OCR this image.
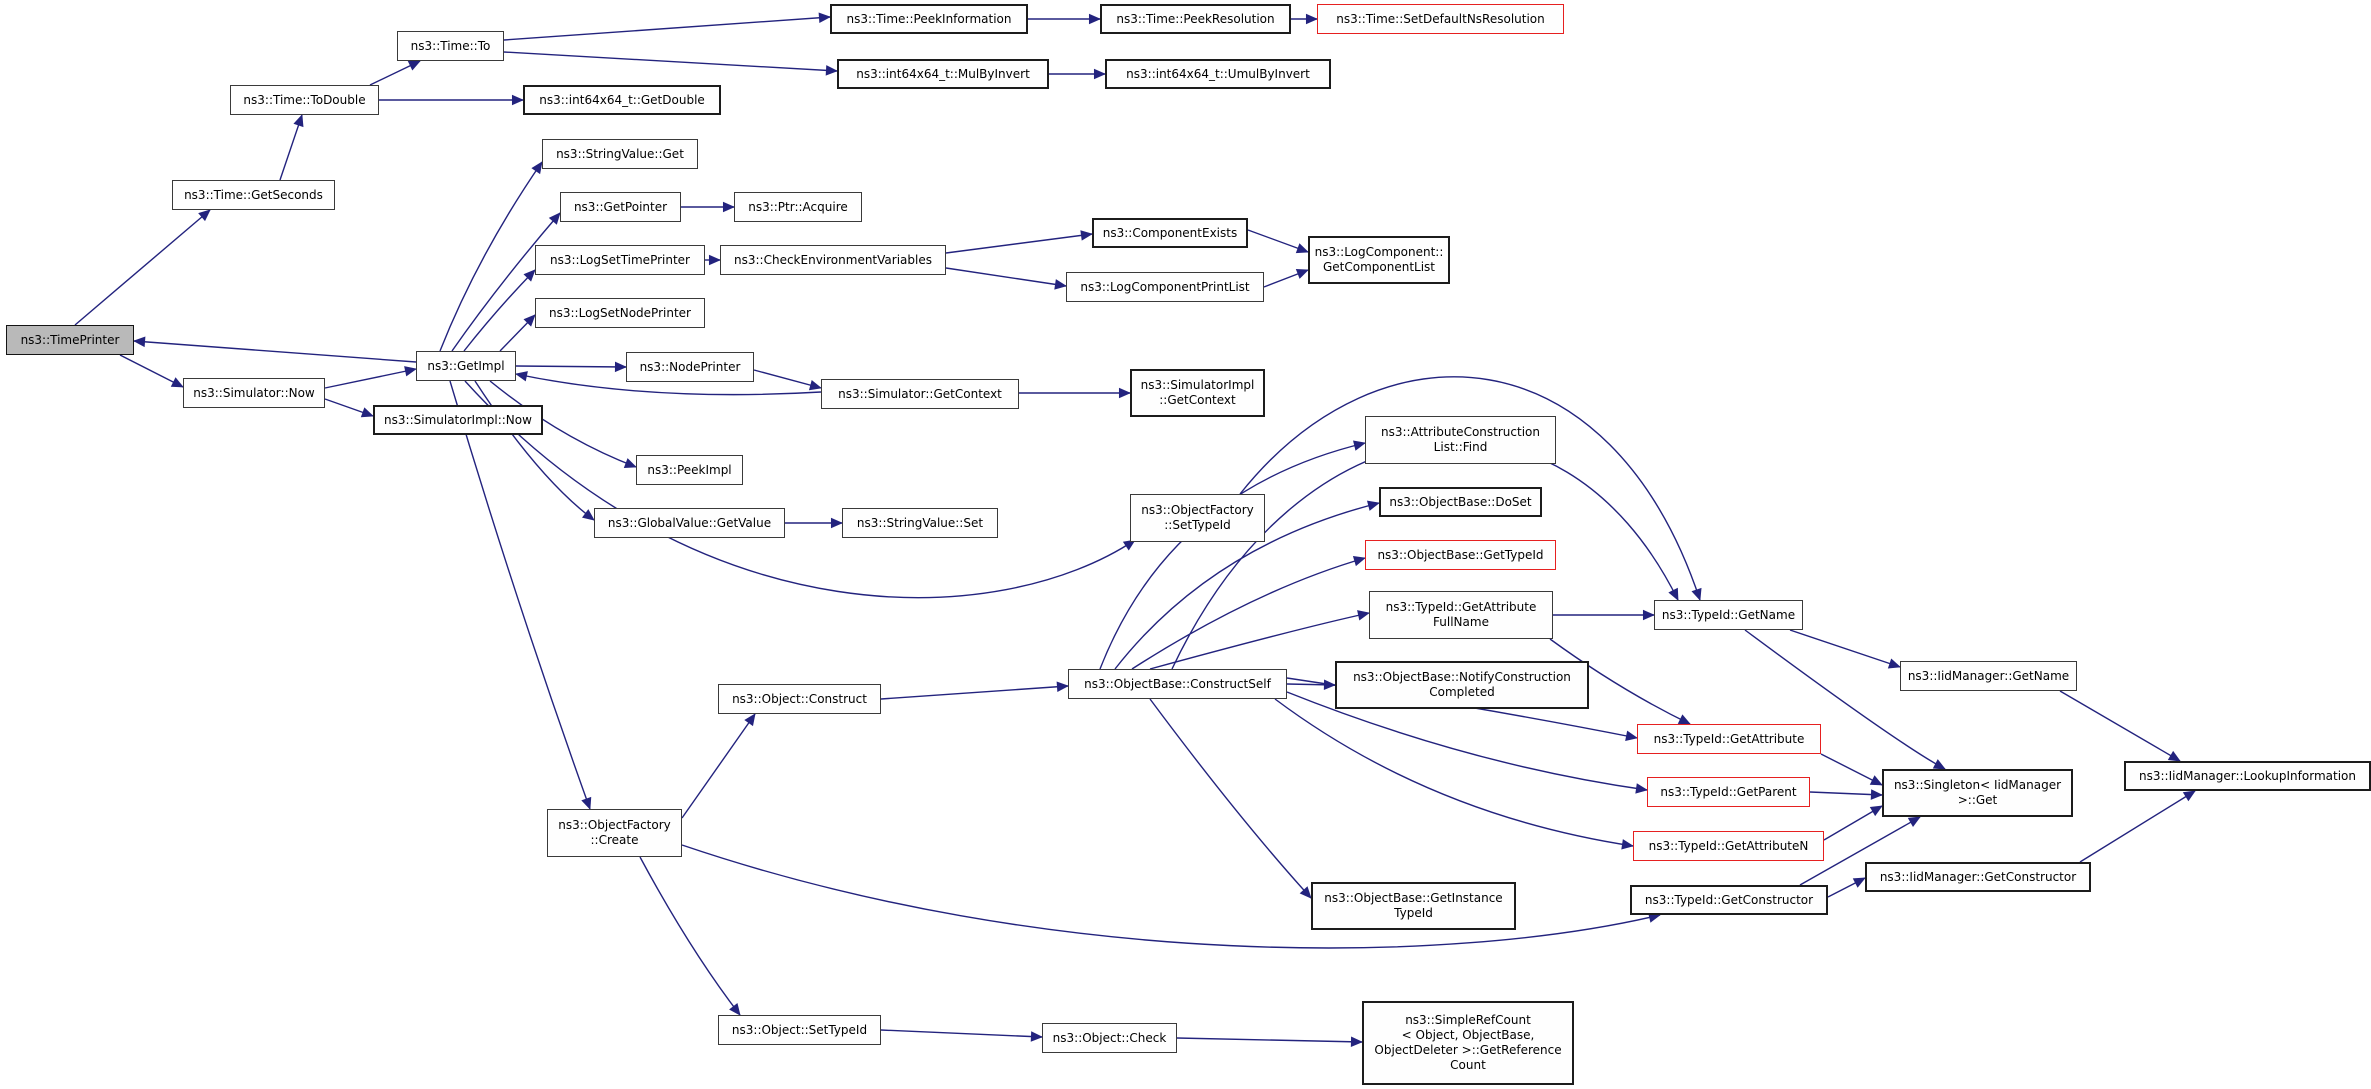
ns3::TimePrinter
ns3::Time::GetSeconds
ns3::Time::ToDouble
ns3::Time::To
ns3::Time::PeekInformation	ns3::Time::PeekResolution	ns3::Time::SetDefaultNsResolution
ns3::int64x64_t::MulByInvert	ns3::int64x64_t::UmulByInvert
ns3::int64x64_t::GetDouble
ns3::StringValue::Get
ns3::GetPointer	ns3::Ptr::Acquire
ns3::LogSetTimePrinter	ns3::CheckEnvironmentVariables
ns3::ComponentExists
ns3::LogComponentPrintList
ns3::LogComponent::
GetComponentList
ns3::LogSetNodePrinter
ns3::NodePrinter
ns3::GetImpl
ns3::Simulator::Now
ns3::SimulatorImpl::Now
ns3::Simulator::GetContext
ns3::SimulatorImpl
::GetContext
ns3::PeekImpl
ns3::GlobalValue::GetValue	ns3::StringValue::Set
ns3::ObjectFactory
::SetTypeId
ns3::ObjectFactory
::Create
ns3::Object::Construct
ns3::ObjectBase::ConstructSelf
ns3::AttributeConstruction
List::Find
ns3::ObjectBase::DoSet
ns3::ObjectBase::GetTypeId
ns3::TypeId::GetAttribute
FullName
ns3::ObjectBase::NotifyConstruction
Completed
ns3::ObjectBase::GetInstance
TypeId
ns3::TypeId::GetAttribute
ns3::TypeId::GetParent
ns3::TypeId::GetAttributeN
ns3::TypeId::GetConstructor
ns3::TypeId::GetName
ns3::IidManager::GetName
ns3::Singleton< IidManager
>::Get
ns3::IidManager::GetConstructor
ns3::IidManager::LookupInformation
ns3::Object::SetTypeId
ns3::Object::Check
ns3::SimpleRefCount
< Object, ObjectBase,
ObjectDeleter >::GetReference
Count
